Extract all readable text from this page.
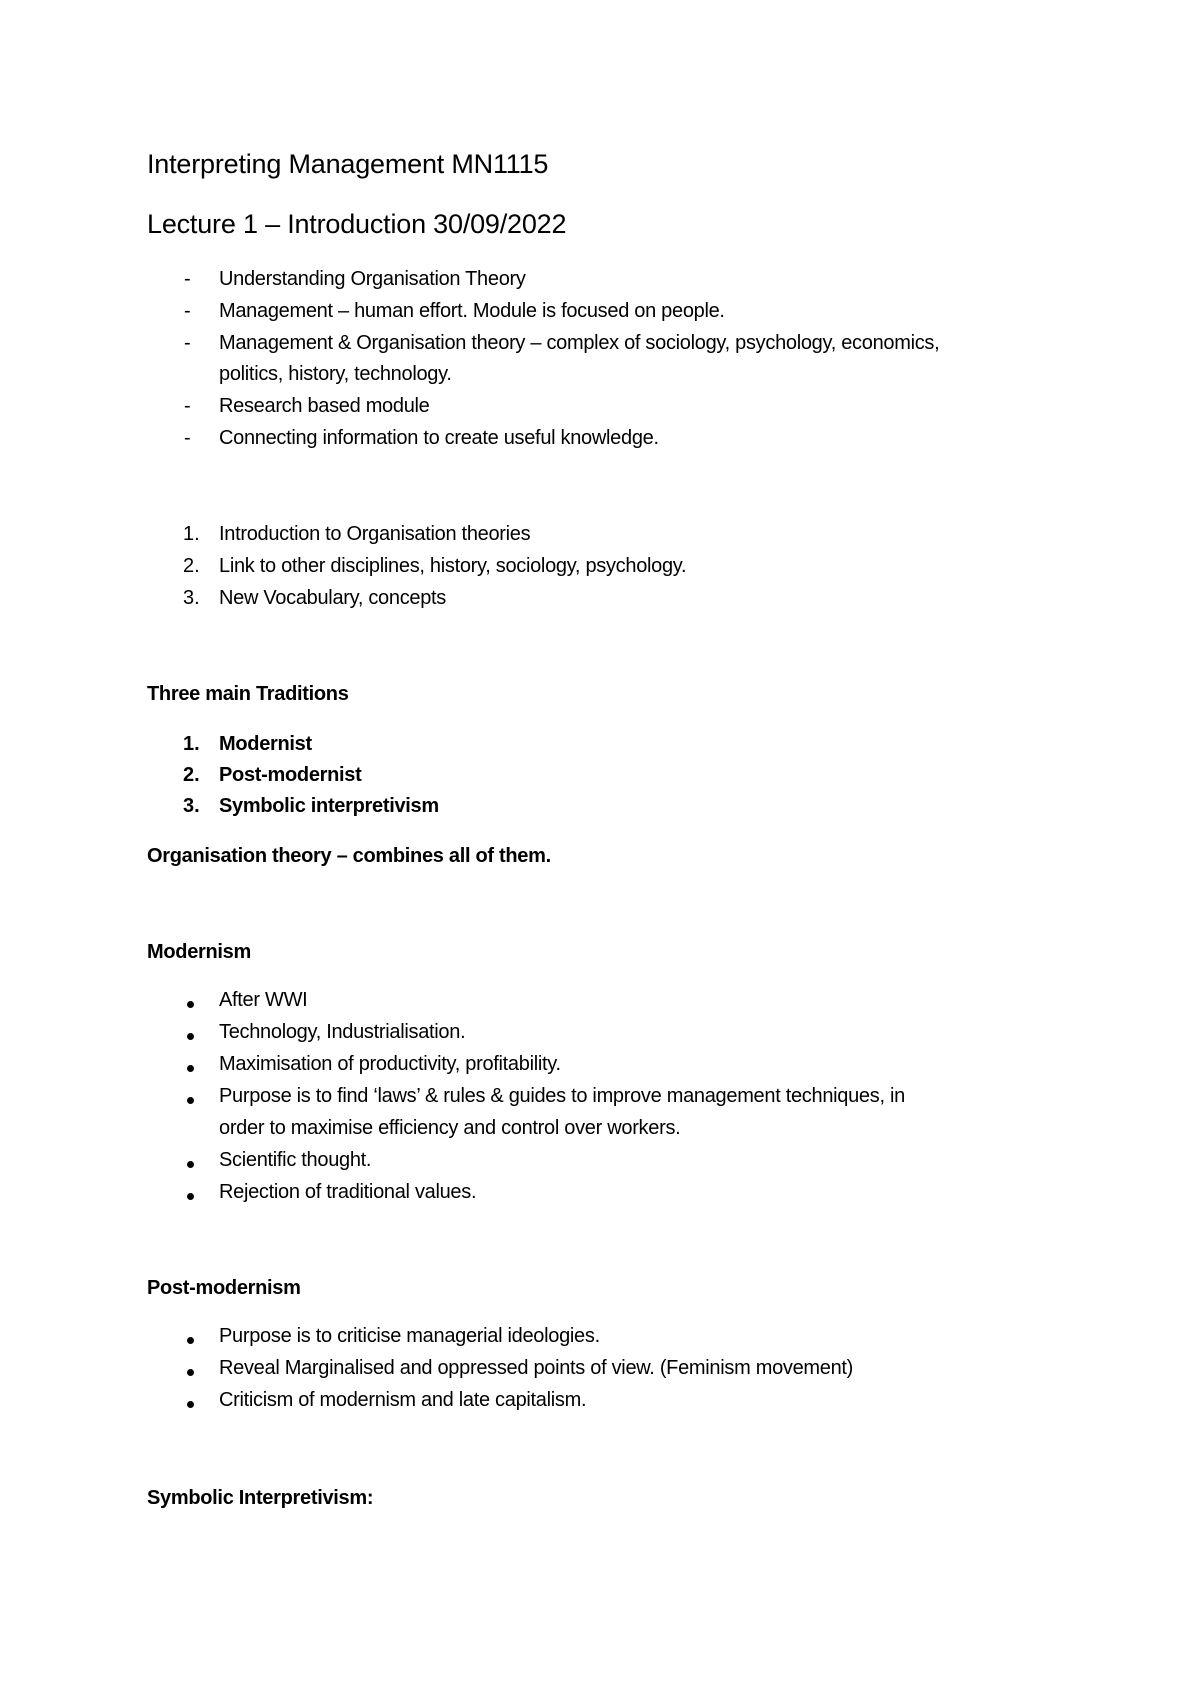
Interpreting Management MN1115
Lecture 1 – Introduction 30/09/2022
- Understanding Organisation Theory
- Management – human effort. Module is focused on people.
- Management & Organisation theory – complex of sociology, psychology, economics,
politics, history, technology.
- Research based module
- Connecting information to create useful knowledge.
1. Introduction to Organisation theories
2. Link to other disciplines, history, sociology, psychology.
3. New Vocabulary, concepts
Three main Traditions
1. Modernist
2. Post-modernist
3. Symbolic interpretivism
Organisation theory – combines all of them.
Modernism
After WWI
Technology, Industrialisation.
Maximisation of productivity, profitability.
Purpose is to find ‘laws’ & rules & guides to improve management techniques, in
order to maximise efficiency and control over workers.
Scientific thought.
Rejection of traditional values.
Post-modernism
Purpose is to criticise managerial ideologies.
Reveal Marginalised and oppressed points of view. (Feminism movement)
Criticism of modernism and late capitalism.
Symbolic Interpretivism:
